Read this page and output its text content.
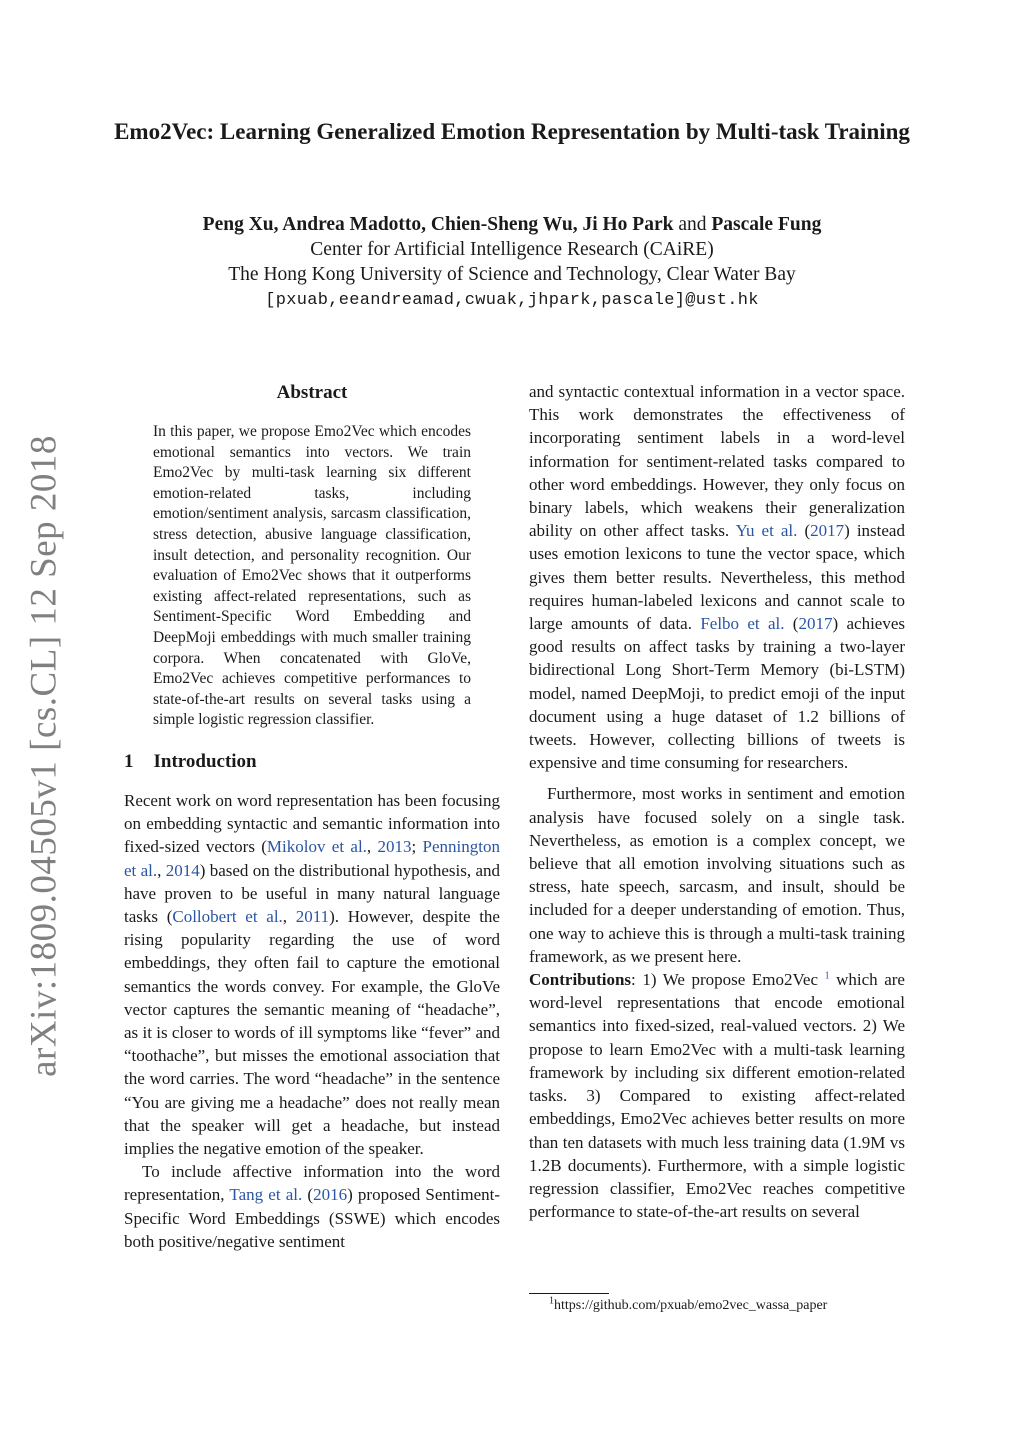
Emo2Vec: Learning Generalized Emotion Representation by Multi-task Training
Peng Xu, Andrea Madotto, Chien-Sheng Wu, Ji Ho Park and Pascale Fung
Center for Artificial Intelligence Research (CAiRE)
The Hong Kong University of Science and Technology, Clear Water Bay
[pxuab,eeandreamad,cwuak,jhpark,pascale]@ust.hk
arXiv:1809.04505v1 [cs.CL] 12 Sep 2018
Abstract

In this paper, we propose Emo2Vec which encodes emotional semantics into vectors. We train Emo2Vec by multi-task learning six different emotion-related tasks, including emotion/sentiment analysis, sarcasm classification, stress detection, abusive language classification, insult detection, and personality recognition. Our evaluation of Emo2Vec shows that it outperforms existing affect-related representations, such as Sentiment-Specific Word Embedding and DeepMoji embeddings with much smaller training corpora. When concatenated with GloVe, Emo2Vec achieves competitive performances to state-of-the-art results on several tasks using a simple logistic regression classifier.

1 Introduction

Recent work on word representation has been focusing on embedding syntactic and semantic information into fixed-sized vectors (Mikolov et al., 2013; Pennington et al., 2014) based on the distributional hypothesis, and have proven to be useful in many natural language tasks (Collobert et al., 2011). However, despite the rising popularity regarding the use of word embeddings, they often fail to capture the emotional semantics the words convey. For example, the GloVe vector captures the semantic meaning of “headache”, as it is closer to words of ill symptoms like “fever” and “toothache”, but misses the emotional association that the word carries. The word “headache” in the sentence “You are giving me a headache” does not really mean that the speaker will get a headache, but instead implies the negative emotion of the speaker.

To include affective information into the word representation, Tang et al. (2016) proposed Sentiment-Specific Word Embeddings (SSWE) which encodes both positive/negative sentiment

and syntactic contextual information in a vector space. This work demonstrates the effectiveness of incorporating sentiment labels in a word-level information for sentiment-related tasks compared to other word embeddings. However, they only focus on binary labels, which weakens their generalization ability on other affect tasks. Yu et al. (2017) instead uses emotion lexicons to tune the vector space, which gives them better results. Nevertheless, this method requires human-labeled lexicons and cannot scale to large amounts of data. Felbo et al. (2017) achieves good results on affect tasks by training a two-layer bidirectional Long Short-Term Memory (bi-LSTM) model, named DeepMoji, to predict emoji of the input document using a huge dataset of 1.2 billions of tweets. However, collecting billions of tweets is expensive and time consuming for researchers.

Furthermore, most works in sentiment and emotion analysis have focused solely on a single task. Nevertheless, as emotion is a complex concept, we believe that all emotion involving situations such as stress, hate speech, sarcasm, and insult, should be included for a deeper understanding of emotion. Thus, one way to achieve this is through a multi-task training framework, as we present here.

Contributions: 1) We propose Emo2Vec $^1$ which are word-level representations that encode emotional semantics into fixed-sized, real-valued vectors. 2) We propose to learn Emo2Vec with a multi-task learning framework by including six different emotion-related tasks. 3) Compared to existing affect-related embeddings, Emo2Vec achieves better results on more than ten datasets with much less training data (1.9M vs 1.2B documents). Furthermore, with a simple logistic regression classifier, Emo2Vec reaches competitive performance to state-of-the-art results on several

$^1$https://github.com/pxuab/emo2vec_wassa_paper
